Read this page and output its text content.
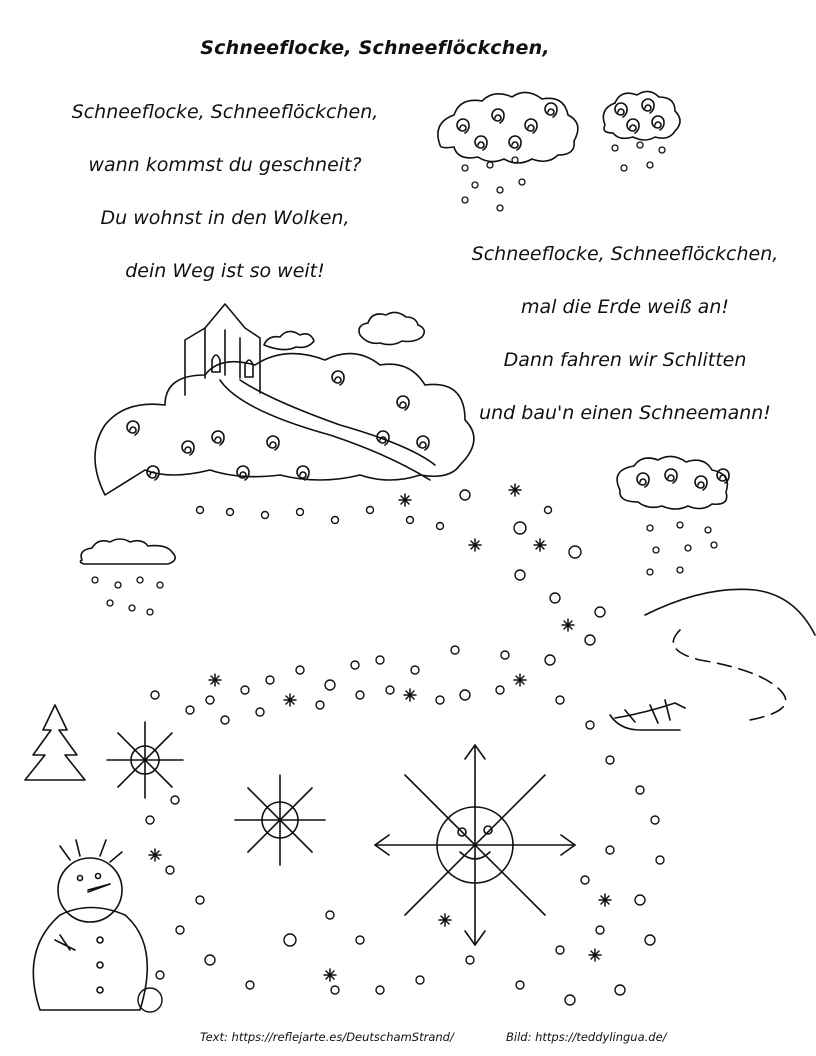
Schneeflocke, Schneeflöckchen,
Schneeflocke, Schneeflöckchen,
wann kommst du geschneit?
Du wohnst in den Wolken,
dein Weg ist so weit!
Schneeflocke, Schneeflöckchen,
mal die Erde weiß an!
Dann fahren wir Schlitten
und bau'n einen Schneemann!
Text: https://reflejarte.es/DeutschamStrand/	Bild: https://teddylingua.de/
